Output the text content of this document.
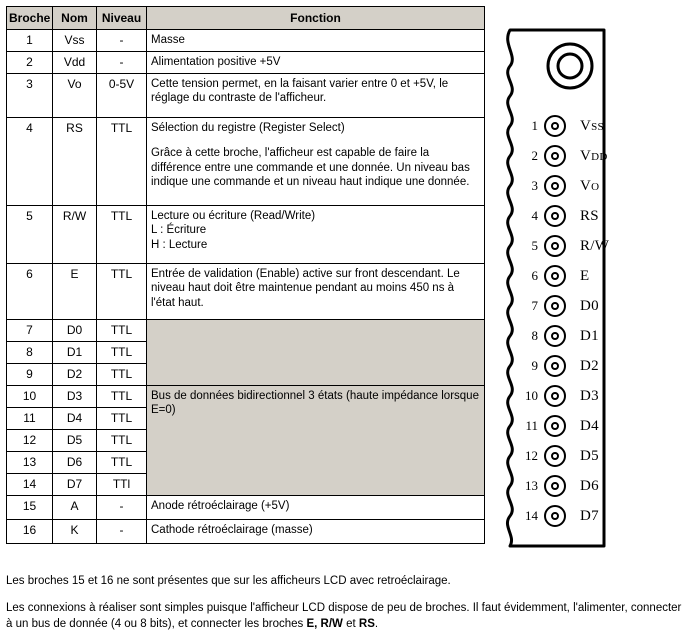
Broche	Nom	Niveau	Fonction
1	Vss	-	Masse
2	Vdd	-	Alimentation positive +5V
3	Vo	0-5V	Cette tension permet, en la faisant varier entre 0 et +5V, le réglage du contraste de l'afficheur.
4	RS	TTL	Sélection du registre (Register Select)
Grâce à cette broche, l'afficheur est capable de faire la différence entre une commande et une donnée. Un niveau bas indique une commande et un niveau haut indique une donnée.

5	R/W	TTL	Lecture ou écriture (Read/Write)
L : Écriture
H : Lecture

6	E	TTL	Entrée de validation (Enable) active sur front descendant. Le niveau haut doit être maintenue pendant au moins 450 ns à l'état haut.
7	D0	TTL	
8	D1	TTL	
9	D2	TTL	
10	D3	TTL	Bus de données bidirectionnel 3 états (haute impédance lorsque E=0)
11	D4	TTL	
12	D5	TTL	
13	D6	TTL	
14	D7	TTl	
15	A	-	Anode rétroéclairage (+5V)
16	K	-	Cathode rétroéclairage (masse)

Les broches 15 et 16 ne sont présentes que sur les afficheurs LCD avec retroéclairage.

Les connexions à réaliser sont simples puisque l'afficheur LCD dispose de peu de broches. Il faut évidemment, l'alimenter, connecter à un bus de donnée (4 ou 8 bits), et connecter les broches E, R/W et RS.

1	VSS
2	VDD
3	VO
4	RS
5	R/W
6	E
7	D0
8	D1
9	D2
10	D3
11	D4
12	D5
13	D6
14	D7
